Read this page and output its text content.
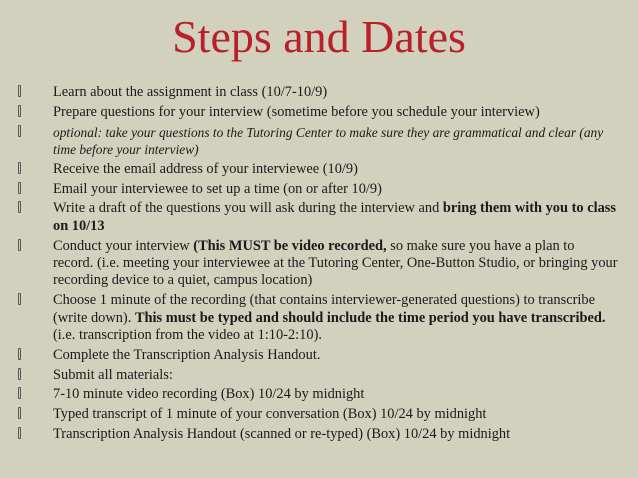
Steps and Dates
Learn about the assignment in class (10/7-10/9)
Prepare questions for your interview (sometime before you schedule your interview)
optional: take your questions to the Tutoring Center to make sure they are grammatical and clear (any time before your interview)
Receive the email address of your interviewee (10/9)
Email your interviewee to set up a time (on or after 10/9)
Write a draft of the questions you will ask during the interview and bring them with you to class on 10/13
Conduct your interview (This MUST be video recorded, so make sure you have a plan to record. (i.e. meeting your interviewee at the Tutoring Center, One-Button Studio, or bringing your recording device to a quiet, campus location)
Choose 1 minute of the recording (that contains interviewer-generated questions) to transcribe (write down). This must be typed and should include the time period you have transcribed. (i.e. transcription from the video at 1:10-2:10).
Complete the Transcription Analysis Handout.
Submit all materials:
7-10 minute video recording (Box) 10/24 by midnight
Typed transcript of 1 minute of your conversation (Box) 10/24 by midnight
Transcription Analysis Handout (scanned or re-typed) (Box) 10/24 by midnight
